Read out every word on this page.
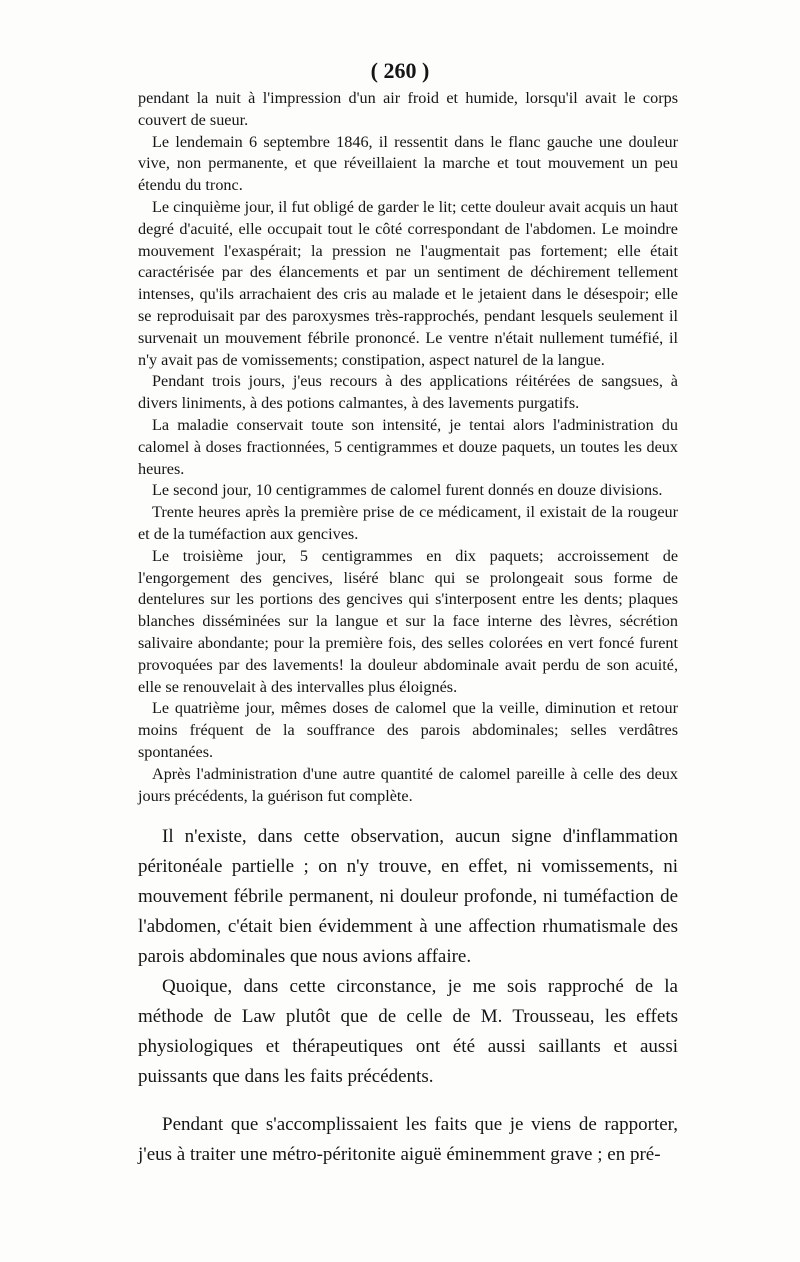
( 260 )

pendant la nuit à l'impression d'un air froid et humide, lorsqu'il avait le corps couvert de sueur.

Le lendemain 6 septembre 1846, il ressentit dans le flanc gauche une douleur vive, non permanente, et que réveillaient la marche et tout mouvement un peu étendu du tronc.

Le cinquième jour, il fut obligé de garder le lit; cette douleur avait acquis un haut degré d'acuité, elle occupait tout le côté correspondant de l'abdomen. Le moindre mouvement l'exaspérait; la pression ne l'augmentait pas fortement; elle était caractérisée par des élancements et par un sentiment de déchirement tellement intenses, qu'ils arrachaient des cris au malade et le jetaient dans le désespoir; elle se reproduisait par des paroxysmes très-rapprochés, pendant lesquels seulement il survenait un mouvement fébrile prononcé. Le ventre n'était nullement tuméfié, il n'y avait pas de vomissements; constipation, aspect naturel de la langue.

Pendant trois jours, j'eus recours à des applications réitérées de sangsues, à divers liniments, à des potions calmantes, à des lavements purgatifs.

La maladie conservait toute son intensité, je tentai alors l'administration du calomel à doses fractionnées, 5 centigrammes et douze paquets, un toutes les deux heures.

Le second jour, 10 centigrammes de calomel furent donnés en douze divisions.

Trente heures après la première prise de ce médicament, il existait de la rougeur et de la tuméfaction aux gencives.

Le troisième jour, 5 centigrammes en dix paquets; accroissement de l'engorgement des gencives, liséré blanc qui se prolongeait sous forme de dentelures sur les portions des gencives qui s'interposent entre les dents; plaques blanches disséminées sur la langue et sur la face interne des lèvres, sécrétion salivaire abondante; pour la première fois, des selles colorées en vert foncé furent provoquées par des lavements! la douleur abdominale avait perdu de son acuité, elle se renouvelait à des intervalles plus éloignés.

Le quatrième jour, mêmes doses de calomel que la veille, diminution et retour moins fréquent de la souffrance des parois abdominales; selles verdâtres spontanées.

Après l'administration d'une autre quantité de calomel pareille à celle des deux jours précédents, la guérison fut complète.

Il n'existe, dans cette observation, aucun signe d'inflammation péritonéale partielle ; on n'y trouve, en effet, ni vomissements, ni mouvement fébrile permanent, ni douleur profonde, ni tuméfaction de l'abdomen, c'était bien évidemment à une affection rhumatismale des parois abdominales que nous avions affaire.

Quoique, dans cette circonstance, je me sois rapproché de la méthode de Law plutôt que de celle de M. Trousseau, les effets physiologiques et thérapeutiques ont été aussi saillants et aussi puissants que dans les faits précédents.

Pendant que s'accomplissaient les faits que je viens de rapporter, j'eus à traiter une métro-péritonite aiguë éminemment grave ; en pré-
